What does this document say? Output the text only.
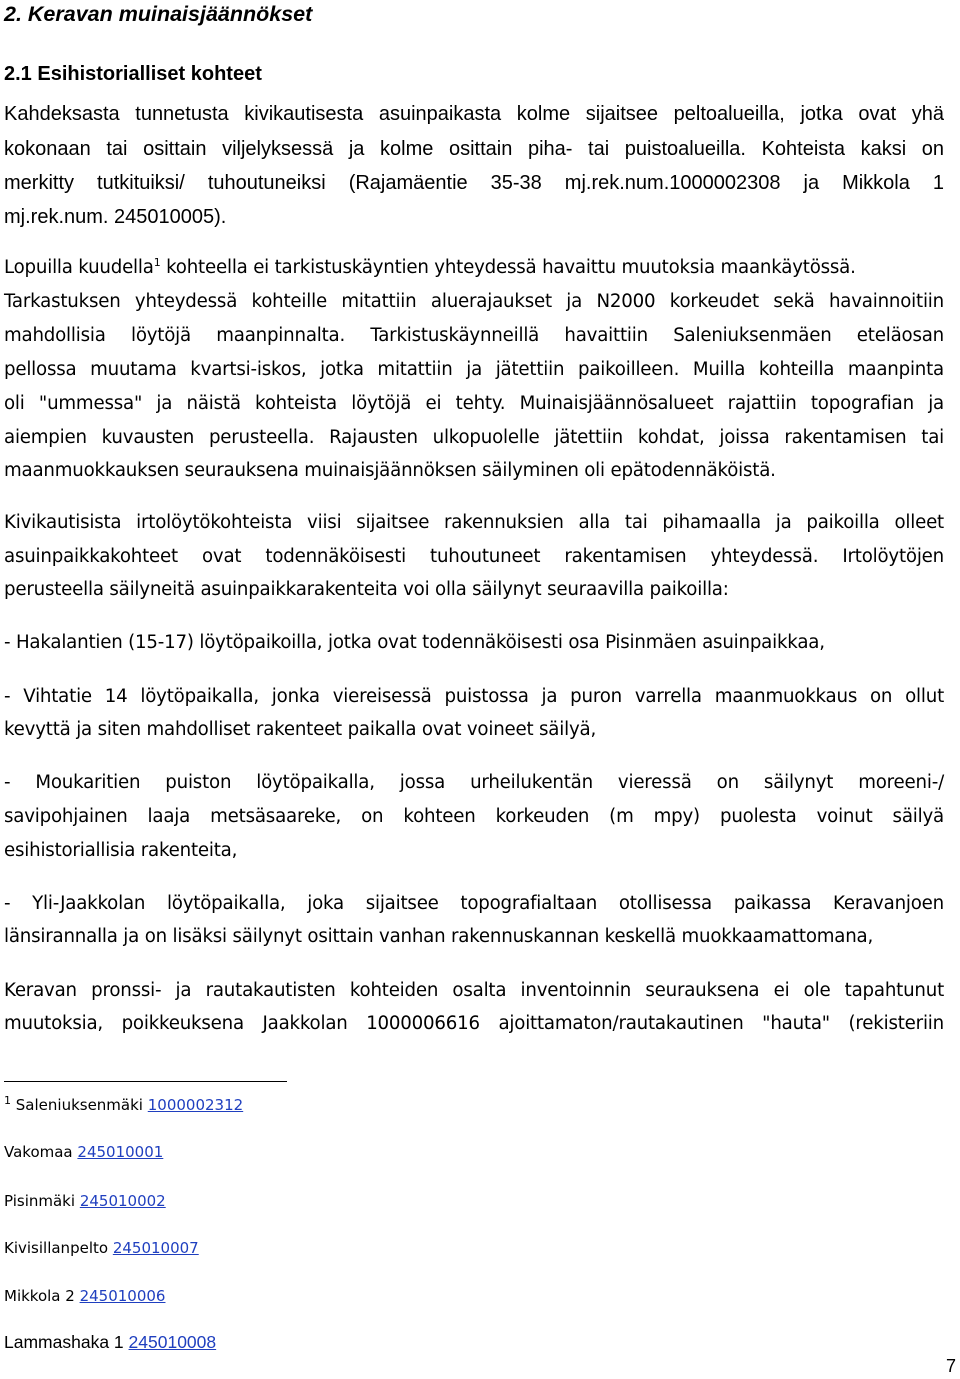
2. Keravan muinaisjäännökset
2.1 Esihistorialliset kohteet
Kahdeksasta tunnetusta kivikautisesta asuinpaikasta kolme sijaitsee peltoalueilla, jotka ovat yhä
kokonaan tai osittain viljelyksessä ja kolme osittain piha- tai puistoalueilla. Kohteista kaksi on
merkitty tutkituiksi/ tuhoutuneiksi (Rajamäentie 35-38 mj.rek.num.1000002308 ja Mikkola 1
mj.rek.num. 245010005).
Lopuilla kuudella$^1$ kohteella ei tarkistuskäyntien yhteydessä havaittu muutoksia maankäytössä.
Tarkastuksen yhteydessä kohteille mitattiin aluerajaukset ja N2000 korkeudet sekä havainnoitiin
mahdollisia löytöjä maanpinnalta. Tarkistuskäynneillä havaittiin Saleniuksenmäen eteläosan
pellossa muutama kvartsi-iskos, jotka mitattiin ja jätettiin paikoilleen. Muilla kohteilla maanpinta
oli "ummessa" ja näistä kohteista löytöjä ei tehty. Muinaisjäännösalueet rajattiin topografian ja
aiempien kuvausten perusteella. Rajausten ulkopuolelle jätettiin kohdat, joissa rakentamisen tai
maanmuokkauksen seurauksena muinaisjäännöksen säilyminen oli epätodennäköistä.
Kivikautisista irtolöytökohteista viisi sijaitsee rakennuksien alla tai pihamaalla ja paikoilla olleet
asuinpaikkakohteet ovat todennäköisesti tuhoutuneet rakentamisen yhteydessä. Irtolöytöjen
perusteella säilyneitä asuinpaikkarakenteita voi olla säilynyt seuraavilla paikoilla:
- Hakalantien (15-17) löytöpaikoilla, jotka ovat todennäköisesti osa Pisinmäen asuinpaikkaa,
- Vihtatie 14 löytöpaikalla, jonka viereisessä puistossa ja puron varrella maanmuokkaus on ollut
kevyttä ja siten mahdolliset rakenteet paikalla ovat voineet säilyä,
- Moukaritien puiston löytöpaikalla, jossa urheilukentän vieressä on säilynyt moreeni-/
savipohjainen laaja metsäsaareke, on kohteen korkeuden (m mpy) puolesta voinut säilyä
esihistoriallisia rakenteita,
- Yli-Jaakkolan löytöpaikalla, joka sijaitsee topografialtaan otollisessa paikassa Keravanjoen
länsirannalla ja on lisäksi säilynyt osittain vanhan rakennuskannan keskellä muokkaamattomana,
Keravan pronssi- ja rautakautisten kohteiden osalta inventoinnin seurauksena ei ole tapahtunut
muutoksia, poikkeuksena Jaakkolan 1000006616 ajoittamaton/rautakautinen "hauta" (rekisteriin
$^1$ Saleniuksenmäki 1000002312
Vakomaa 245010001
Pisinmäki 245010002
Kivisillanpelto 245010007
Mikkola 2 245010006
Lammashaka 1 245010008
7
